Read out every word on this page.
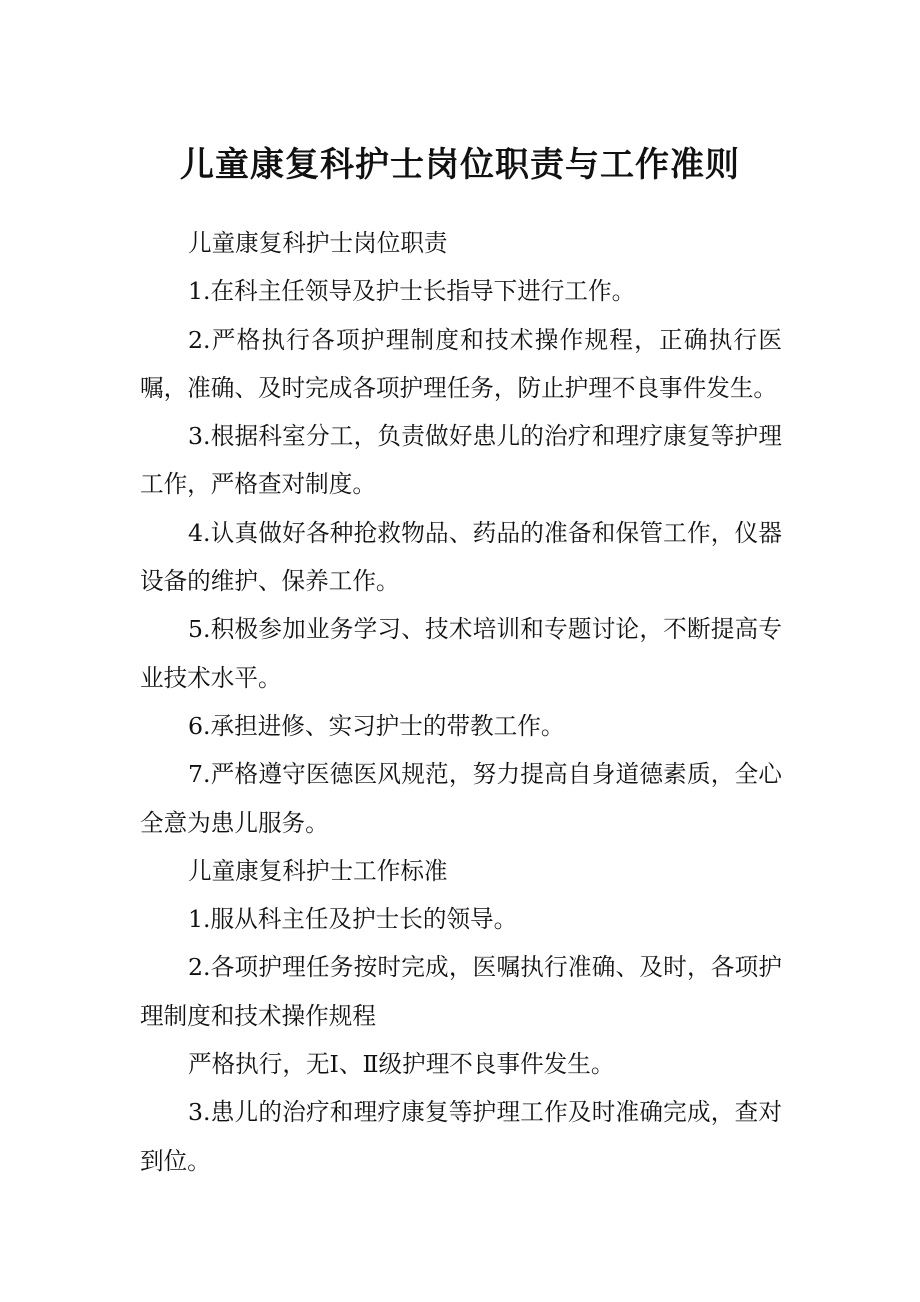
儿童康复科护士岗位职责与工作准则

儿童康复科护士岗位职责

1.在科主任领导及护士长指导下进行工作。

2.严格执行各项护理制度和技术操作规程，正确执行医嘱，准确、及时完成各项护理任务，防止护理不良事件发生。

3.根据科室分工，负责做好患儿的治疗和理疗康复等护理工作，严格查对制度。

4.认真做好各种抢救物品、药品的准备和保管工作，仪器设备的维护、保养工作。

5.积极参加业务学习、技术培训和专题讨论，不断提高专业技术水平。

6.承担进修、实习护士的带教工作。

7.严格遵守医德医风规范，努力提高自身道德素质，全心全意为患儿服务。

儿童康复科护士工作标准

1.服从科主任及护士长的领导。

2.各项护理任务按时完成，医嘱执行准确、及时，各项护理制度和技术操作规程

严格执行，无Ⅰ、Ⅱ级护理不良事件发生。

3.患儿的治疗和理疗康复等护理工作及时准确完成，查对到位。
